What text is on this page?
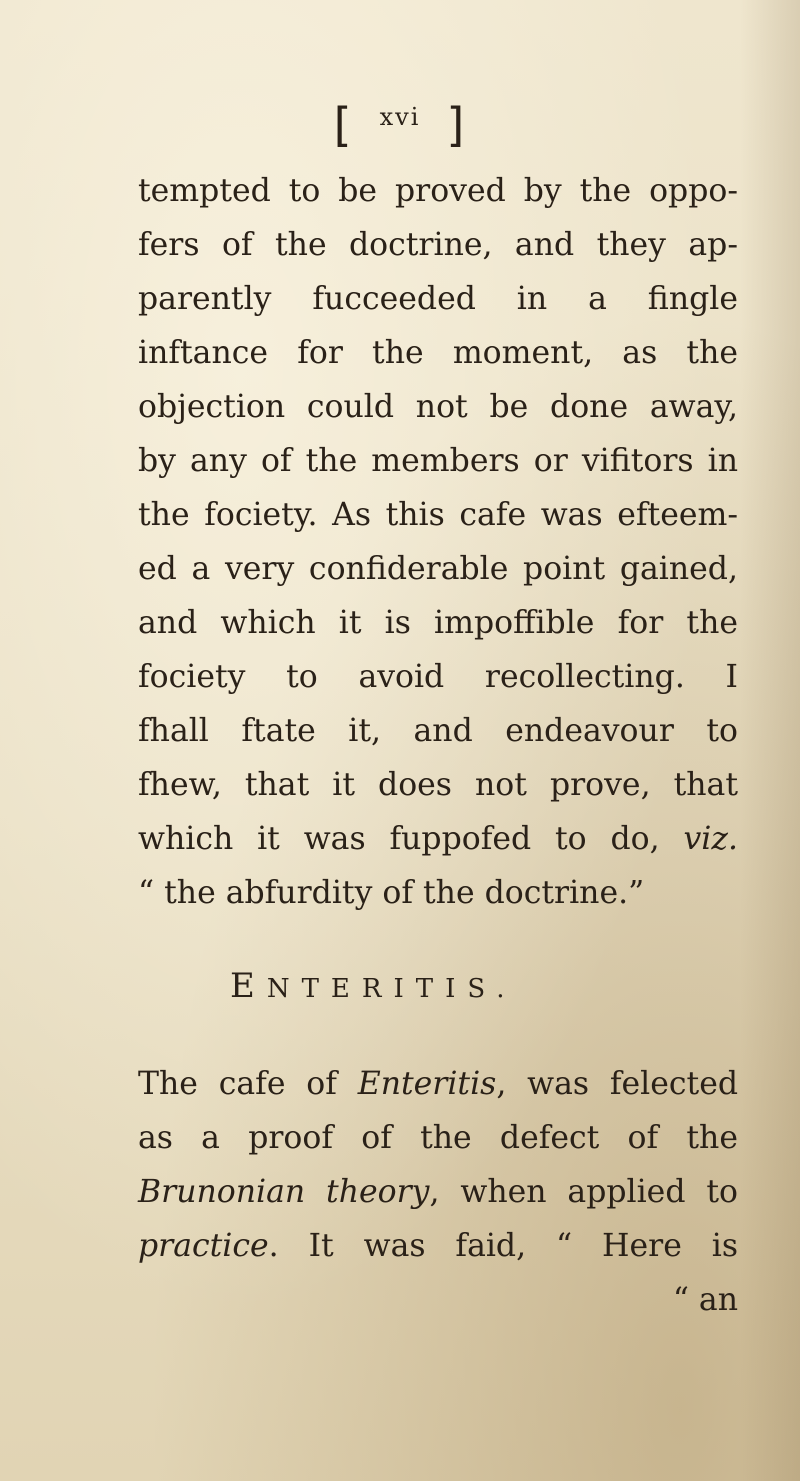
[ $^{xvi}$ ]
tempted to be proved by the oppo-
fers of the doctrine, and they ap-
parently fucceeded in a fingle
inftance for the moment, as the
objection could not be done away,
by any of the members or vifitors in
the fociety. As this cafe was efteem-
ed a very confiderable point gained,
and which it is impoffible for the
fociety to avoid recollecting. I
fhall ftate it, and endeavour to
fhew, that it does not prove, that
which it was fuppofed to do, viz.
“ the abfurdity of the doctrine.”
ENTERITIS.
The cafe of Enteritis, was felected
as a proof of the defect of the
Brunonian theory, when applied to
practice. It was faid, “ Here is
“ an
